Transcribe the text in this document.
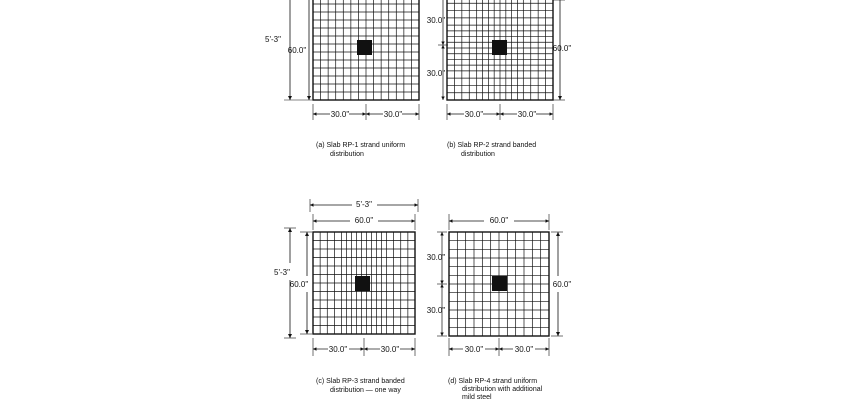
5'-3"
60.0"
30.0"	30.0"
(a) Slab RP-1 strand uniform
distribution
60.0"
30.0"
30.0"
30.0"	30.0"
(b) Slab RP-2 strand banded
distribution
5'-3"
60.0"
5'-3"
60.0"
30.0"	30.0"
(c) Slab RP-3 strand banded
distribution — one way
60.0"
60.0"
30.0"
30.0"
30.0"	30.0"
(d) Slab RP-4 strand uniform
distribution with additional
mild steel
